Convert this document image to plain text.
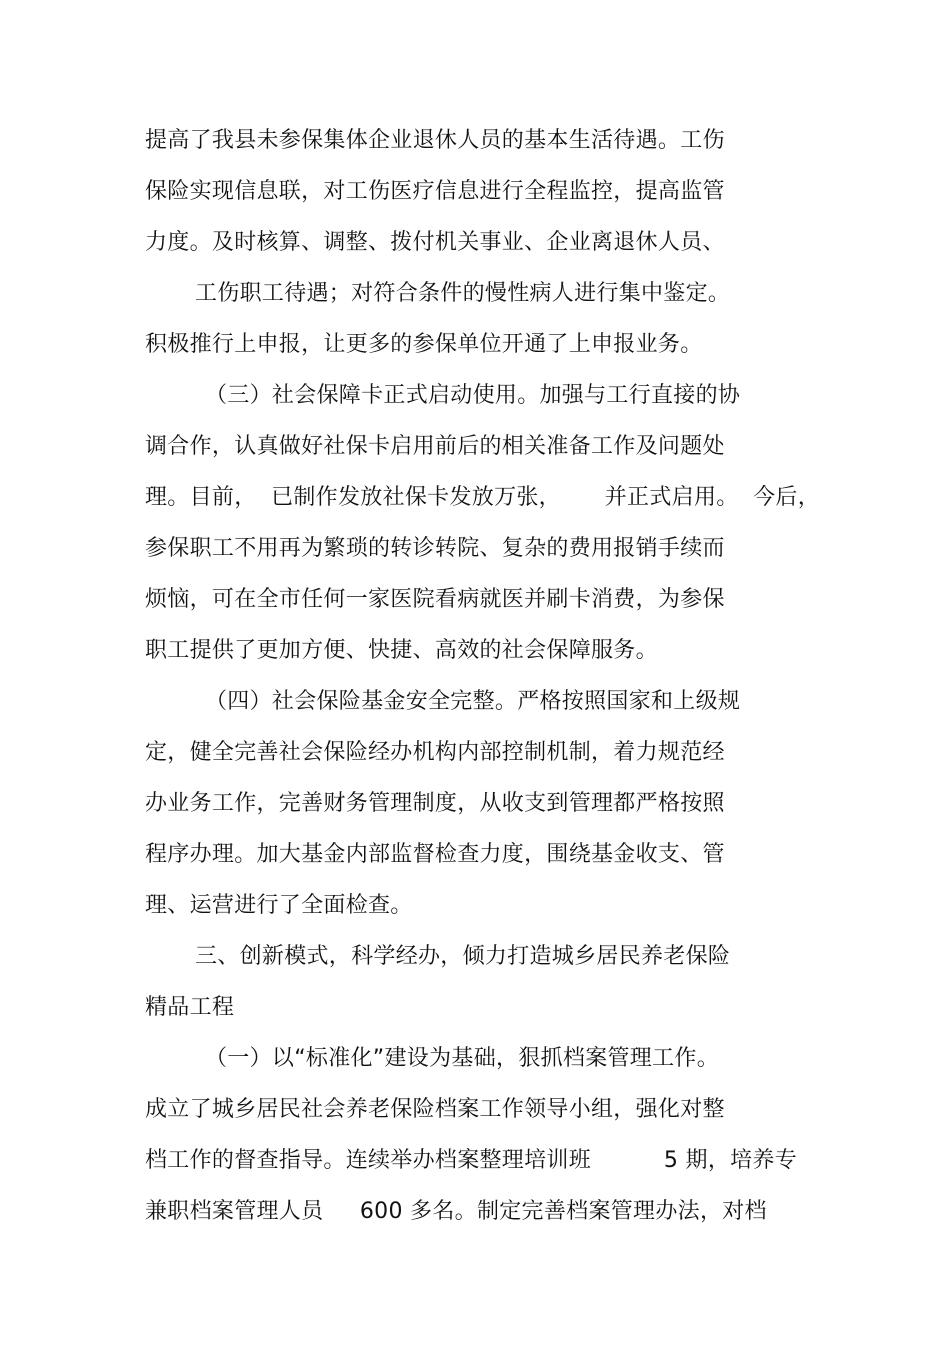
提高了我县未参保集体企业退休人员的基本生活待遇。工伤
保险实现信息联，对工伤医疗信息进行全程监控，提高监管
力度。及时核算、调整、拨付机关事业、企业离退休人员、
工伤职工待遇；对符合条件的慢性病人进行集中鉴定。
积极推行上申报，让更多的参保单位开通了上申报业务。
（三）社会保障卡正式启动使用。加强与工行直接的协
调合作，认真做好社保卡启用前后的相关准备工作及问题处
理。目前，  已制作发放社保卡发放万张，      并正式启用。  今后，
参保职工不用再为繁琐的转诊转院、复杂的费用报销手续而
烦恼，可在全市任何一家医院看病就医并刷卡消费，为参保
职工提供了更加方便、快捷、高效的社会保障服务。
（四）社会保险基金安全完整。严格按照国家和上级规
定，健全完善社会保险经办机构内部控制机制，着力规范经
办业务工作，完善财务管理制度，从收支到管理都严格按照
程序办理。加大基金内部监督检查力度，围绕基金收支、管
理、运营进行了全面检查。
三、创新模式，科学经办，倾力打造城乡居民养老保险
精品工程
（一）以“标准化”建设为基础，狠抓档案管理工作。
成立了城乡居民社会养老保险档案工作领导小组，强化对整
档工作的督查指导。连续举办档案整理培训班          5 期，培养专
兼职档案管理人员     600 多名。制定完善档案管理办法，对档
